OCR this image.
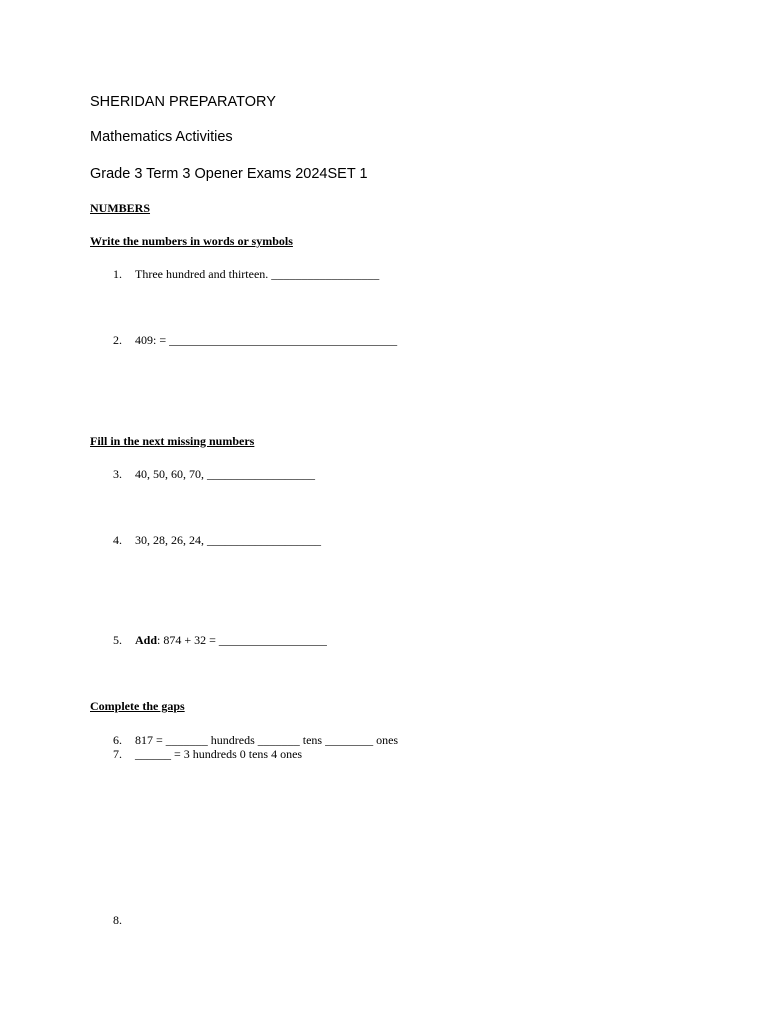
SHERIDAN PREPARATORY
Mathematics Activities
Grade 3 Term 3 Opener Exams 2024SET 1
NUMBERS
Write the numbers in words or symbols
1. Three hundred and thirteen. __________________
2. 409: = ______________________________________
Fill in the next missing numbers
3. 40, 50, 60, 70, __________________
4. 30, 28, 26, 24, ___________________
5. Add: 874 + 32 = __________________
Complete the gaps
6. 817 = _______ hundreds _______ tens ________ ones
7. ______ = 3 hundreds 0 tens 4 ones
8.
